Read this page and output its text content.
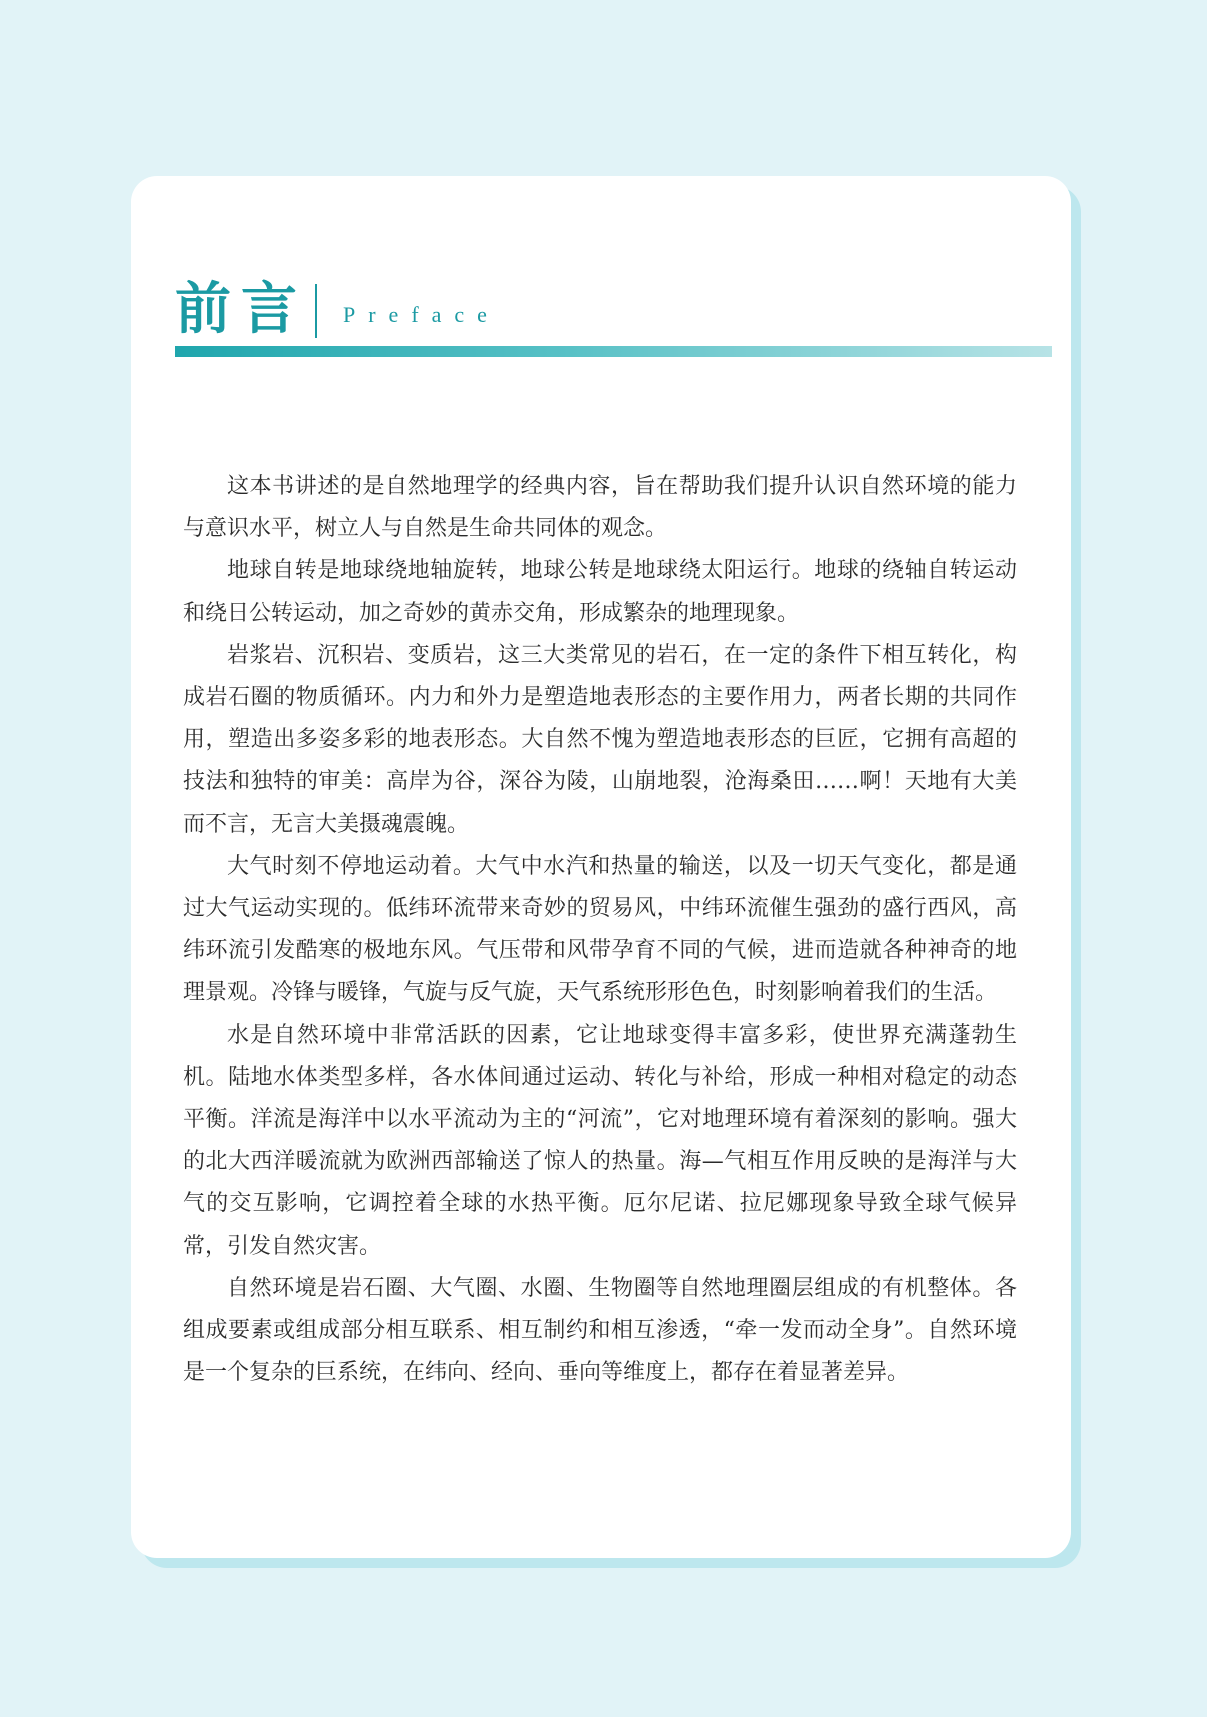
前言 Preface

这本书讲述的是自然地理学的经典内容，旨在帮助我们提升认识自然环境的能力与意识水平，树立人与自然是生命共同体的观念。

地球自转是地球绕地轴旋转，地球公转是地球绕太阳运行。地球的绕轴自转运动和绕日公转运动，加之奇妙的黄赤交角，形成繁杂的地理现象。

岩浆岩、沉积岩、变质岩，这三大类常见的岩石，在一定的条件下相互转化，构成岩石圈的物质循环。内力和外力是塑造地表形态的主要作用力，两者长期的共同作用，塑造出多姿多彩的地表形态。大自然不愧为塑造地表形态的巨匠，它拥有高超的技法和独特的审美：高岸为谷，深谷为陵，山崩地裂，沧海桑田……啊！天地有大美而不言，无言大美摄魂震魄。

大气时刻不停地运动着。大气中水汽和热量的输送，以及一切天气变化，都是通过大气运动实现的。低纬环流带来奇妙的贸易风，中纬环流催生强劲的盛行西风，高纬环流引发酷寒的极地东风。气压带和风带孕育不同的气候，进而造就各种神奇的地理景观。冷锋与暖锋，气旋与反气旋，天气系统形形色色，时刻影响着我们的生活。

水是自然环境中非常活跃的因素，它让地球变得丰富多彩，使世界充满蓬勃生机。陆地水体类型多样，各水体间通过运动、转化与补给，形成一种相对稳定的动态平衡。洋流是海洋中以水平流动为主的“河流”，它对地理环境有着深刻的影响。强大的北大西洋暖流就为欧洲西部输送了惊人的热量。海—气相互作用反映的是海洋与大气的交互影响，它调控着全球的水热平衡。厄尔尼诺、拉尼娜现象导致全球气候异常，引发自然灾害。

自然环境是岩石圈、大气圈、水圈、生物圈等自然地理圈层组成的有机整体。各组成要素或组成部分相互联系、相互制约和相互渗透，“牵一发而动全身”。自然环境是一个复杂的巨系统，在纬向、经向、垂向等维度上，都存在着显著差异。
